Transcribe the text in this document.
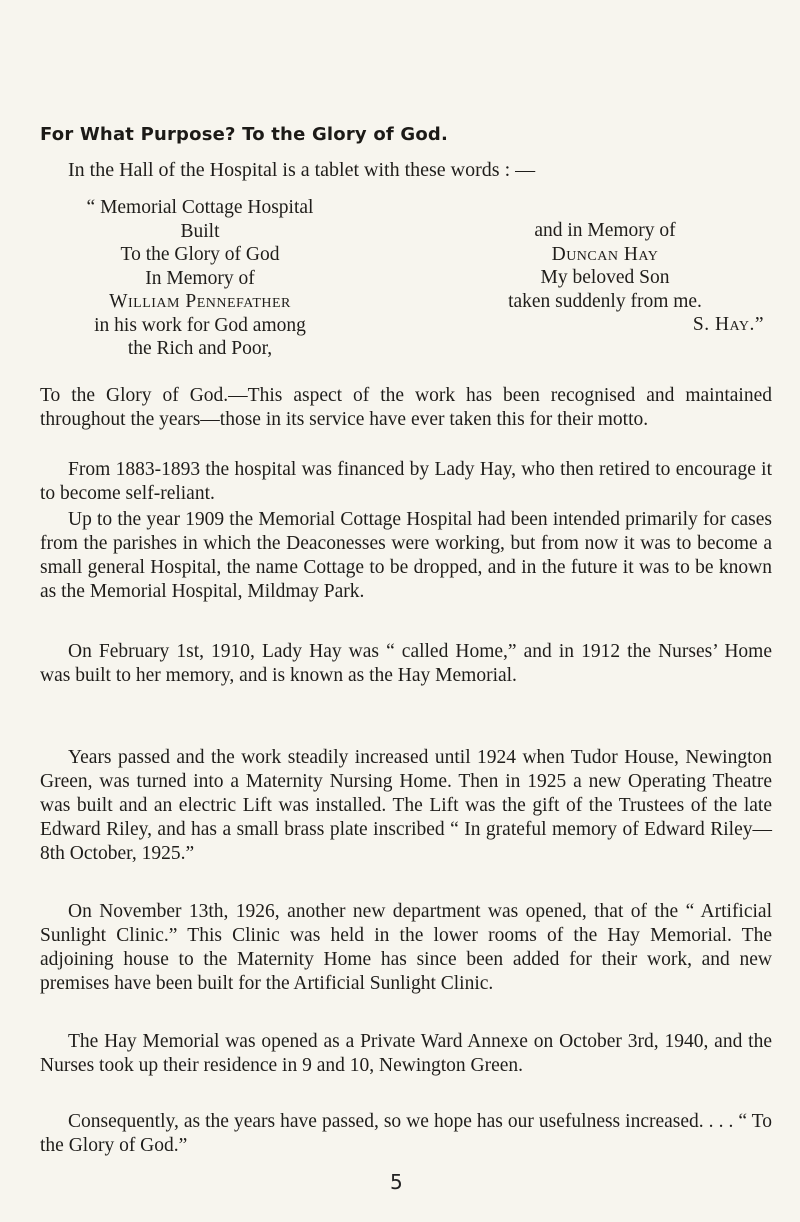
For What Purpose? To the Glory of God.
In the Hall of the Hospital is a tablet with these words : —
“ Memorial Cottage Hospital
Built
To the Glory of God
In Memory of
William Pennefather
in his work for God among
the Rich and Poor,
and in Memory of
Duncan Hay
My beloved Son
taken suddenly from me.
S. Hay.”

To the Glory of God.—This aspect of the work has been recognised and maintained throughout the years—those in its service have ever taken this for their motto.

From 1883-1893 the hospital was financed by Lady Hay, who then retired to encourage it to become self-reliant.

Up to the year 1909 the Memorial Cottage Hospital had been intended primarily for cases from the parishes in which the Deaconesses were working, but from now it was to become a small general Hospital, the name Cottage to be dropped, and in the future it was to be known as the Memorial Hospital, Mildmay Park.

On February 1st, 1910, Lady Hay was “ called Home,” and in 1912 the Nurses’ Home was built to her memory, and is known as the Hay Memorial.

Years passed and the work steadily increased until 1924 when Tudor House, Newington Green, was turned into a Maternity Nursing Home. Then in 1925 a new Operating Theatre was built and an electric Lift was installed. The Lift was the gift of the Trustees of the late Edward Riley, and has a small brass plate inscribed “ In grateful memory of Edward Riley—8th October, 1925.”

On November 13th, 1926, another new department was opened, that of the “ Artificial Sunlight Clinic.” This Clinic was held in the lower rooms of the Hay Memorial. The adjoining house to the Maternity Home has since been added for their work, and new premises have been built for the Artificial Sunlight Clinic.

The Hay Memorial was opened as a Private Ward Annexe on October 3rd, 1940, and the Nurses took up their residence in 9 and 10, Newington Green.

Consequently, as the years have passed, so we hope has our usefulness increased. . . . “ To the Glory of God.”

5
